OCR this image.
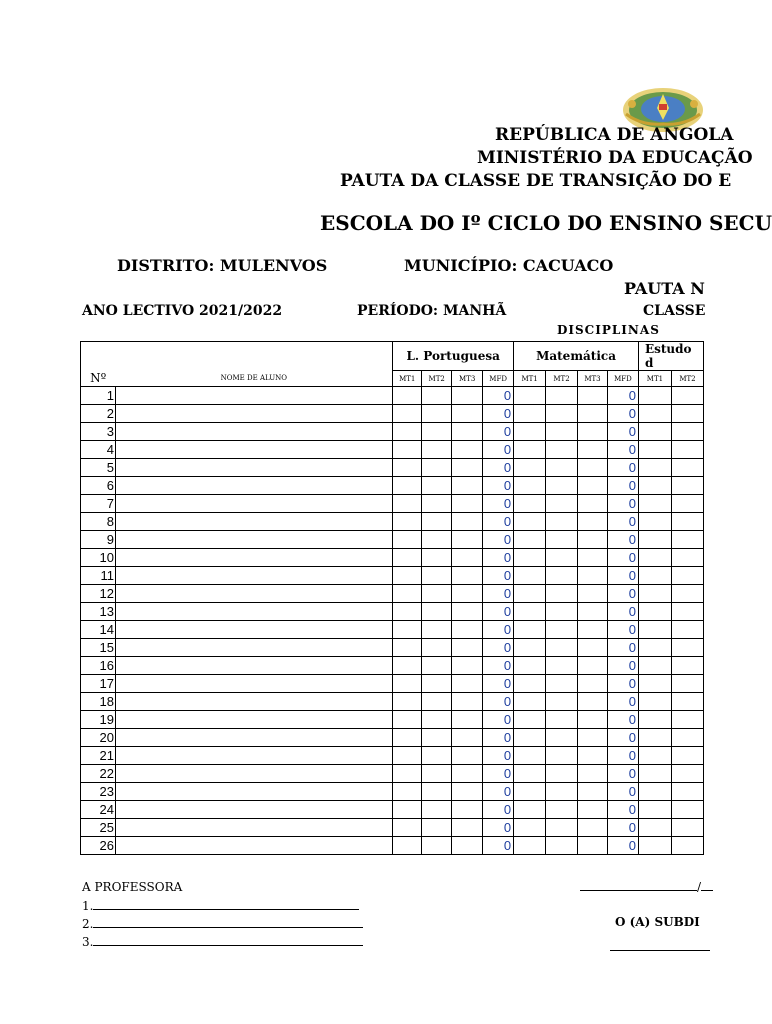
REPÚBLICA DE ANGOLA
MINISTÉRIO DA EDUCAÇÃO
PAUTA DA CLASSE DE TRANSIÇÃO DO E
ESCOLA DO Iº CICLO DO ENSINO SECU
DISTRITO: MULENVOS	MUNICÍPIO: CACUACO
PAUTA N
ANO LECTIVO 2021/2022	PERÍODO: MANHÃ	CLASSE
DISCIPLINAS
		L. Portuguesa				Matemática				Estudo d	
Nº	NOME DE ALUNO	MT1	MT2	MT3	MFD	MT1	MT2	MT3	MFD	MT1	MT2
1					0				0		
2					0				0		
3					0				0		
4					0				0		
5					0				0		
6					0				0		
7					0				0		
8					0				0		
9					0				0		
10					0				0		
11					0				0		
12					0				0		
13					0				0		
14					0				0		
15					0				0		
16					0				0		
17					0				0		
18					0				0		
19					0				0		
20					0				0		
21					0				0		
22					0				0		
23					0				0		
24					0				0		
25					0				0		
26					0				0		
A PROFESSORA
1.
2.
3.
/
O (A) SUBDI
